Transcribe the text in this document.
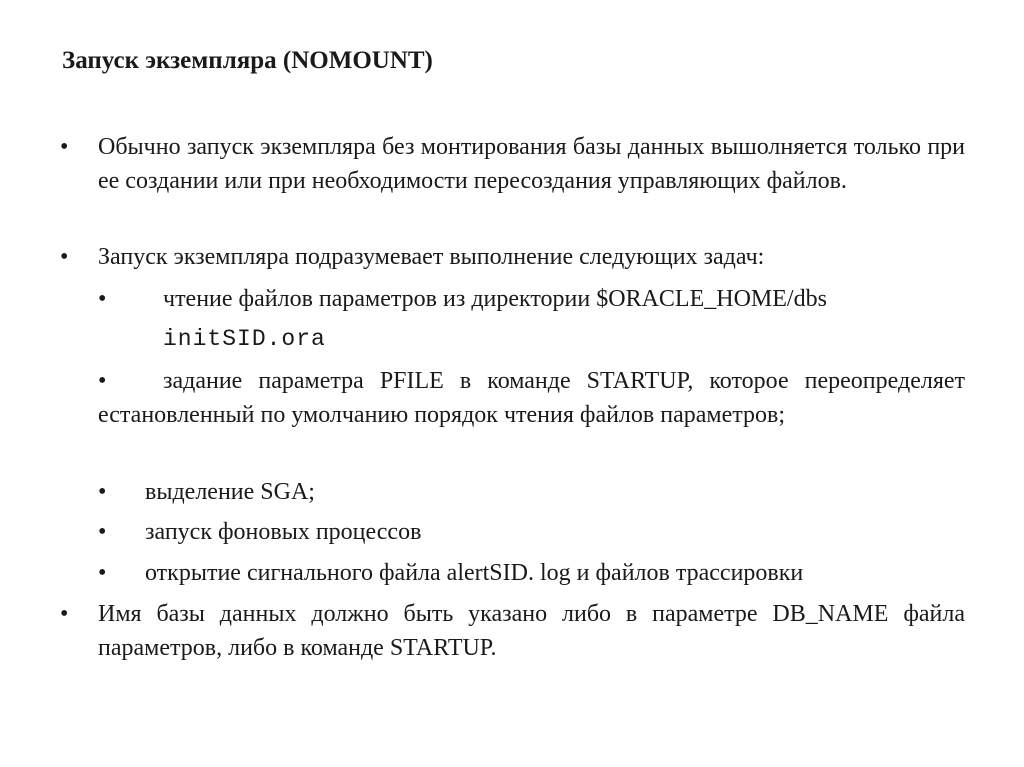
Запуск экземпляра (NOMOUNT)
• Обычно запуск экземпляра без монтирования базы данных вышолняется только при ее создании или при необходимости пересоздания управляющих файлов.
• Запуск экземпляра подразумевает выполнение следующих задач:
• чтение файлов параметров из директории $ORACLE_HOME/dbs
initSID.ora
•	задание параметра PFILE в команде STARTUP, которое переопределяет естановленный по умолчанию порядок чтения файлов параметров;
• выделение SGA;
• запуск фоновых процессов
• открытие сигнального файла alertSID. log и файлов трассировки
• Имя базы данных должно быть указано либо в параметре DB_NAME файла параметров, либо в команде STARTUP.
